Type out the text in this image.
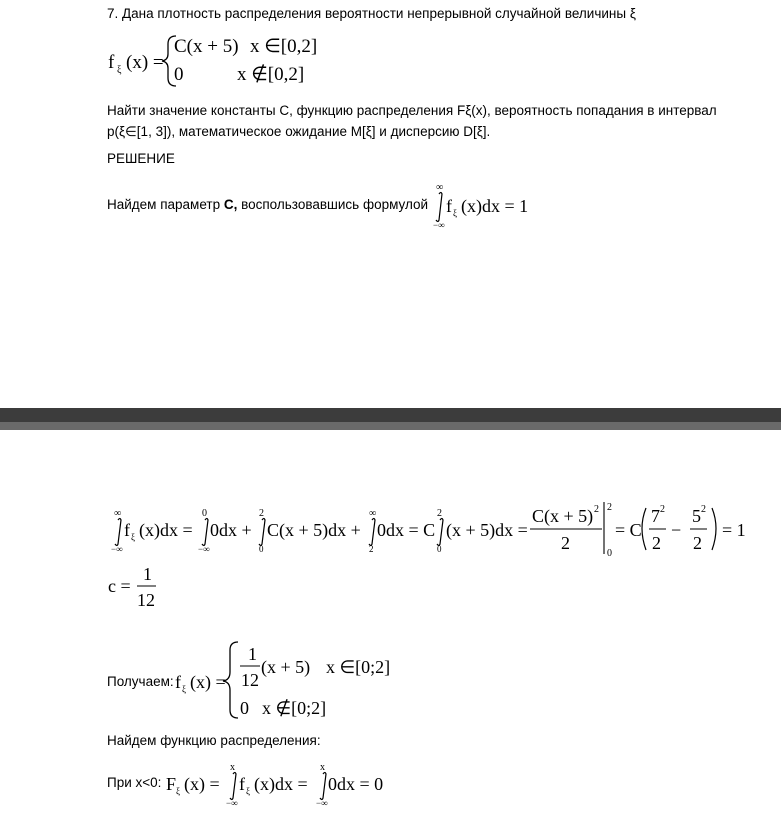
7. Дана плотность распределения вероятности непрерывной случайной величины ξ
f ξ (x) =
C(x + 5) x ∈[0,2]
0	x ∉[0,2]
Найти значение константы C, функцию распределения Fξ(x), вероятность попадания в интервал
p(ξ∈[1, 3]), математическое ожидание M[ξ] и дисперсию D[ξ].
РЕШЕНИЕ
Найдем параметр C, воспользовавшись формулой
∞
−∞
f ξ (x)dx = 1
∞
−∞
f ξ (x)dx =
0
−∞
0dx +
2
0
C(x + 5)dx +
∞
2
0dx = C
2
0
(x + 5)dx =
C(x + 5) 2
2
2
0
= C
7 2
2
−
5 2
2
= 1
c =
1
12
Получаем: f ξ (x) =
1
12
(x + 5) x ∈[0;2]
0 x ∉[0;2]
Найдем функцию распределения:
При x<0: F ξ (x) =
x
−∞
f ξ (x)dx =
x
−∞
0dx = 0
